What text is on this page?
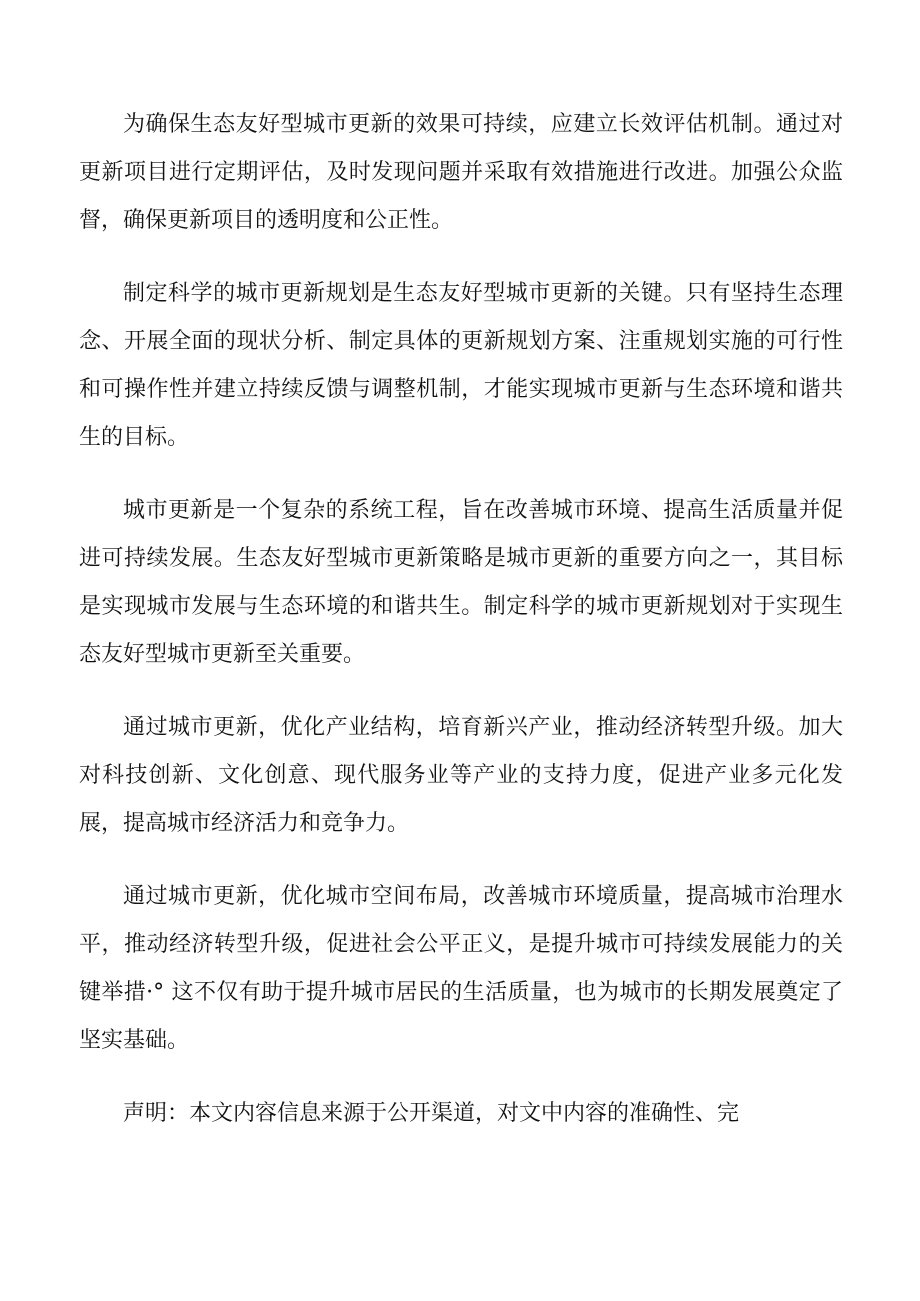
为确保生态友好型城市更新的效果可持续，应建立长效评估机制。通过对更新项目进行定期评估，及时发现问题并采取有效措施进行改进。加强公众监督，确保更新项目的透明度和公正性。

制定科学的城市更新规划是生态友好型城市更新的关键。只有坚持生态理念、开展全面的现状分析、制定具体的更新规划方案、注重规划实施的可行性和可操作性并建立持续反馈与调整机制，才能实现城市更新与生态环境和谐共生的目标。

城市更新是一个复杂的系统工程，旨在改善城市环境、提高生活质量并促进可持续发展。生态友好型城市更新策略是城市更新的重要方向之一，其目标是实现城市发展与生态环境的和谐共生。制定科学的城市更新规划对于实现生态友好型城市更新至关重要。

通过城市更新，优化产业结构，培育新兴产业，推动经济转型升级。加大对科技创新、文化创意、现代服务业等产业的支持力度，促进产业多元化发展，提高城市经济活力和竞争力。

通过城市更新，优化城市空间布局，改善城市环境质量，提高城市治理水平，推动经济转型升级，促进社会公平正义，是提升城市可持续发展能力的关键举措·° 这不仅有助于提升城市居民的生活质量，也为城市的长期发展奠定了坚实基础。

声明：本文内容信息来源于公开渠道，对文中内容的准确性、完
